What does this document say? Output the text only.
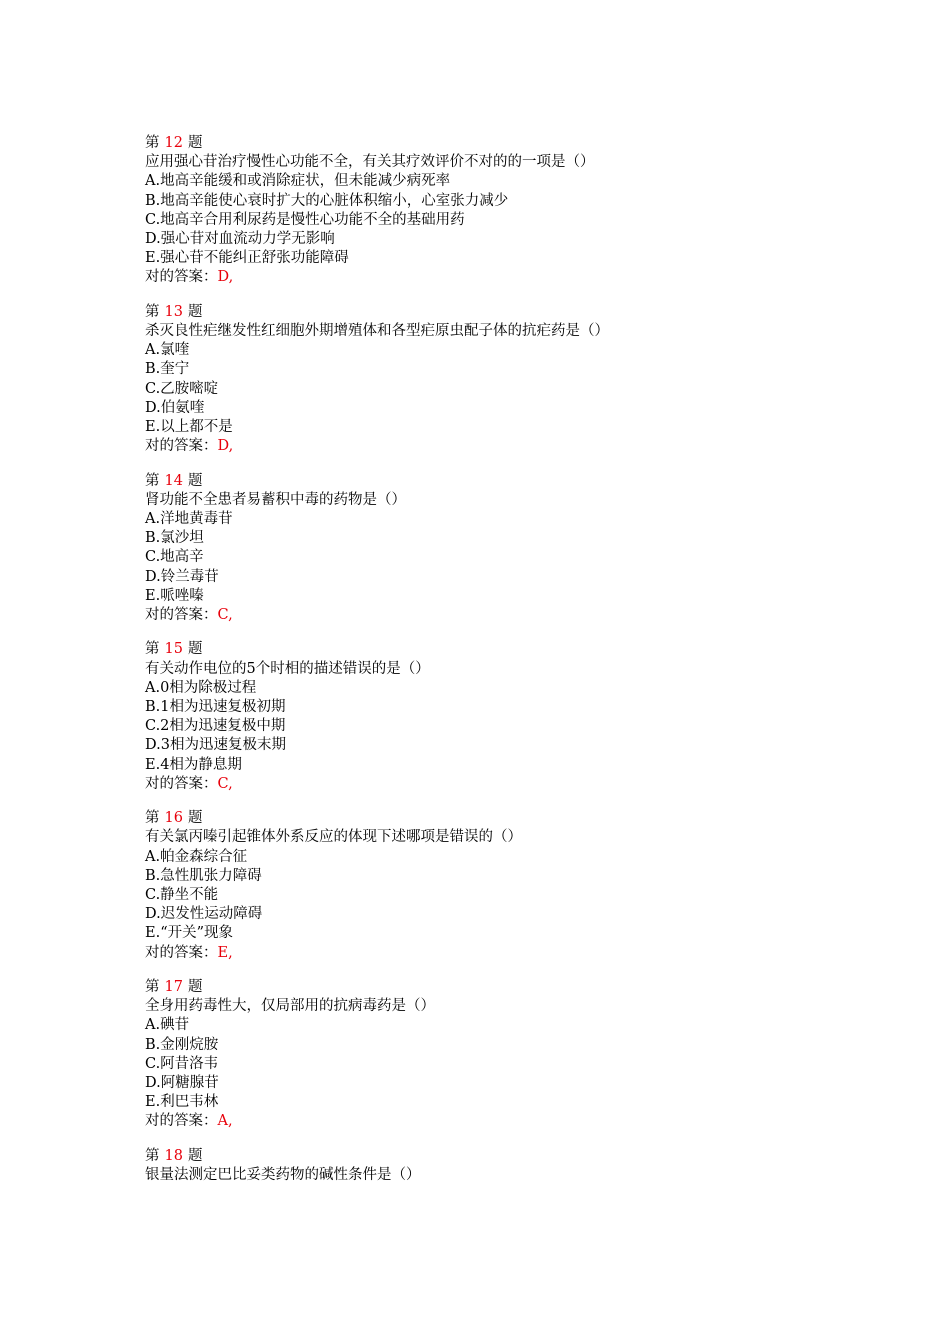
第 12 题
应用强心苷治疗慢性心功能不全，有关其疗效评价不对的的一项是（）
A.地高辛能缓和或消除症状，但未能减少病死率
B.地高辛能使心衰时扩大的心脏体积缩小，心室张力减少
C.地高辛合用利尿药是慢性心功能不全的基础用药
D.强心苷对血流动力学无影响
E.强心苷不能纠正舒张功能障碍
对的答案：D,
第 13 题
杀灭良性疟继发性红细胞外期增殖体和各型疟原虫配子体的抗疟药是（）
A.氯喹
B.奎宁
C.乙胺嘧啶
D.伯氨喹
E.以上都不是
对的答案：D,
第 14 题
肾功能不全患者易蓄积中毒的药物是（）
A.洋地黄毒苷
B.氯沙坦
C.地高辛
D.铃兰毒苷
E.哌唑嗪
对的答案：C,
第 15 题
有关动作电位的5个时相的描述错误的是（）
A.0相为除极过程
B.1相为迅速复极初期
C.2相为迅速复极中期
D.3相为迅速复极末期
E.4相为静息期
对的答案：C,
第 16 题
有关氯丙嗪引起锥体外系反应的体现下述哪项是错误的（）
A.帕金森综合征
B.急性肌张力障碍
C.静坐不能
D.迟发性运动障碍
E.“开关”现象
对的答案：E,
第 17 题
全身用药毒性大，仅局部用的抗病毒药是（）
A.碘苷
B.金刚烷胺
C.阿昔洛韦
D.阿糖腺苷
E.利巴韦林
对的答案：A,
第 18 题
银量法测定巴比妥类药物的碱性条件是（）
